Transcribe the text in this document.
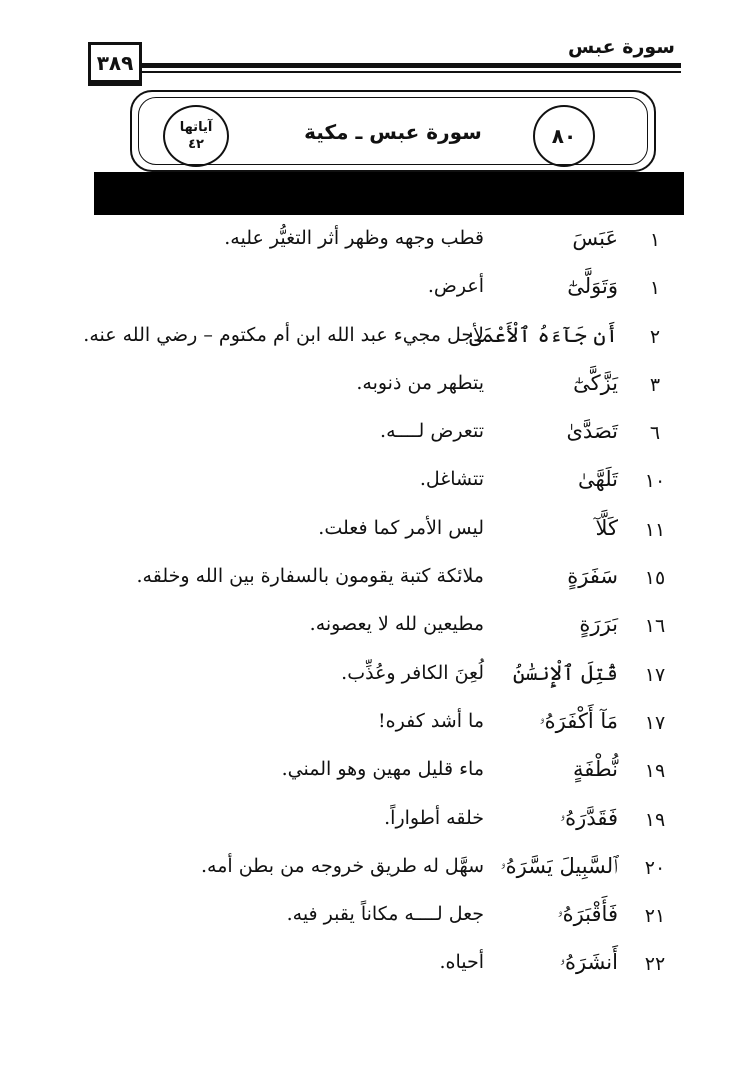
سورة عبس
٣٨٩
٨٠
سورة عبس ـ مكية
آياتها
٤٢
١
عَبَسَ
قطب وجهه وظهر أثر التغيُّر عليه.
١
وَتَوَلَّىٰٓ
أعرض.
٢
أَن جَآءَهُ ٱلْأَعْمَىٰ
لأجل مجيء عبد الله ابن أم مكتوم – رضي الله عنه.
٣
يَزَّكَّىٰٓ
يتطهر من ذنوبه.
٦
تَصَدَّىٰ
تتعرض لــــه.
١٠
تَلَهَّىٰ
تتشاغل.
١١
كَلَّآ
ليس الأمر كما فعلت.
١٥
سَفَرَةٍ
ملائكة كتبة يقومون بالسفارة بين الله وخلقه.
١٦
بَرَرَةٍ
مطيعين لله لا يعصونه.
١٧
قُتِلَ ٱلْإِنسَٰنُ
لُعِنَ الكافر وعُذِّب.
١٧
مَآ أَكْفَرَهُۥ
ما أشد كفره!
١٩
نُّطْفَةٍ
ماء قليل مهين وهو المني.
١٩
فَقَدَّرَهُۥ
خلقه أطواراً.
٢٠
ٱلسَّبِيلَ يَسَّرَهُۥ
سهَّل له طريق خروجه من بطن أمه.
٢١
فَأَقْبَرَهُۥ
جعل لــــه مكاناً يقبر فيه.
٢٢
أَنشَرَهُۥ
أحياه.
